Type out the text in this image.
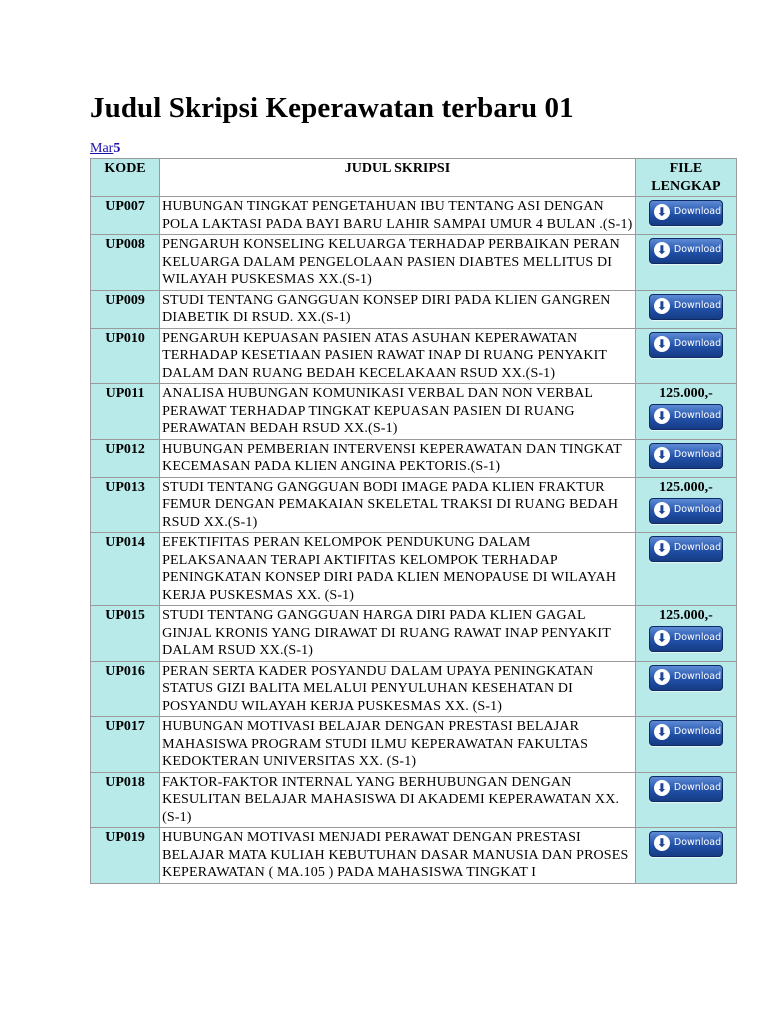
Judul Skripsi Keperawatan terbaru 01
Mar5
KODE	JUDUL SKRIPSI	FILE LENGKAP
UP007	HUBUNGAN TINGKAT PENGETAHUAN IBU TENTANG ASI DENGAN POLA LAKTASI PADA BAYI BARU LAHIR SAMPAI UMUR 4 BULAN .(S-1)	⬇ Download

UP008	PENGARUH KONSELING KELUARGA TERHADAP PERBAIKAN PERAN KELUARGA DALAM PENGELOLAAN PASIEN DIABTES MELLITUS DI WILAYAH PUSKESMAS XX.(S-1)	⬇ Download

UP009	STUDI TENTANG GANGGUAN KONSEP DIRI PADA KLIEN GANGREN DIABETIK DI RSUD. XX.(S-1)	⬇ Download

UP010	PENGARUH KEPUASAN PASIEN ATAS ASUHAN KEPERAWATAN TERHADAP KESETIAAN PASIEN RAWAT INAP DI RUANG PENYAKIT DALAM DAN RUANG BEDAH KECELAKAAN RSUD XX.(S-1)	⬇ Download

UP011	ANALISA HUBUNGAN KOMUNIKASI VERBAL DAN NON VERBAL PERAWAT TERHADAP TINGKAT KEPUASAN PASIEN DI RUANG PERAWATAN BEDAH RSUD XX.(S-1)	125.000,-
⬇ Download

UP012	HUBUNGAN PEMBERIAN INTERVENSI KEPERAWATAN DAN TINGKAT KECEMASAN PADA KLIEN ANGINA PEKTORIS.(S-1)	⬇ Download

UP013	STUDI TENTANG GANGGUAN BODI IMAGE PADA KLIEN FRAKTUR FEMUR DENGAN PEMAKAIAN SKELETAL TRAKSI DI RUANG BEDAH RSUD XX.(S-1)	125.000,-
⬇ Download

UP014	EFEKTIFITAS PERAN KELOMPOK PENDUKUNG DALAM PELAKSANAAN TERAPI AKTIFITAS KELOMPOK TERHADAP PENINGKATAN KONSEP DIRI PADA KLIEN MENOPAUSE DI WILAYAH KERJA PUSKESMAS XX. (S-1)	⬇ Download

UP015	STUDI TENTANG GANGGUAN HARGA DIRI PADA KLIEN GAGAL GINJAL KRONIS YANG DIRAWAT DI RUANG RAWAT INAP PENYAKIT DALAM RSUD XX.(S-1)	125.000,-
⬇ Download

UP016	PERAN SERTA KADER POSYANDU DALAM UPAYA PENINGKATAN STATUS GIZI BALITA MELALUI PENYULUHAN KESEHATAN DI POSYANDU WILAYAH KERJA PUSKESMAS XX. (S-1)	⬇ Download

UP017	HUBUNGAN MOTIVASI BELAJAR DENGAN PRESTASI BELAJAR MAHASISWA PROGRAM STUDI ILMU KEPERAWATAN FAKULTAS KEDOKTERAN UNIVERSITAS XX. (S-1)	⬇ Download

UP018	FAKTOR-FAKTOR INTERNAL YANG BERHUBUNGAN DENGAN KESULITAN BELAJAR MAHASISWA DI AKADEMI KEPERAWATAN XX. (S-1)	⬇ Download

UP019	HUBUNGAN MOTIVASI MENJADI PERAWAT DENGAN PRESTASI BELAJAR MATA KULIAH KEBUTUHAN DASAR MANUSIA DAN PROSES KEPERAWATAN ( MA.105 ) PADA MAHASISWA TINGKAT I	⬇ Download
